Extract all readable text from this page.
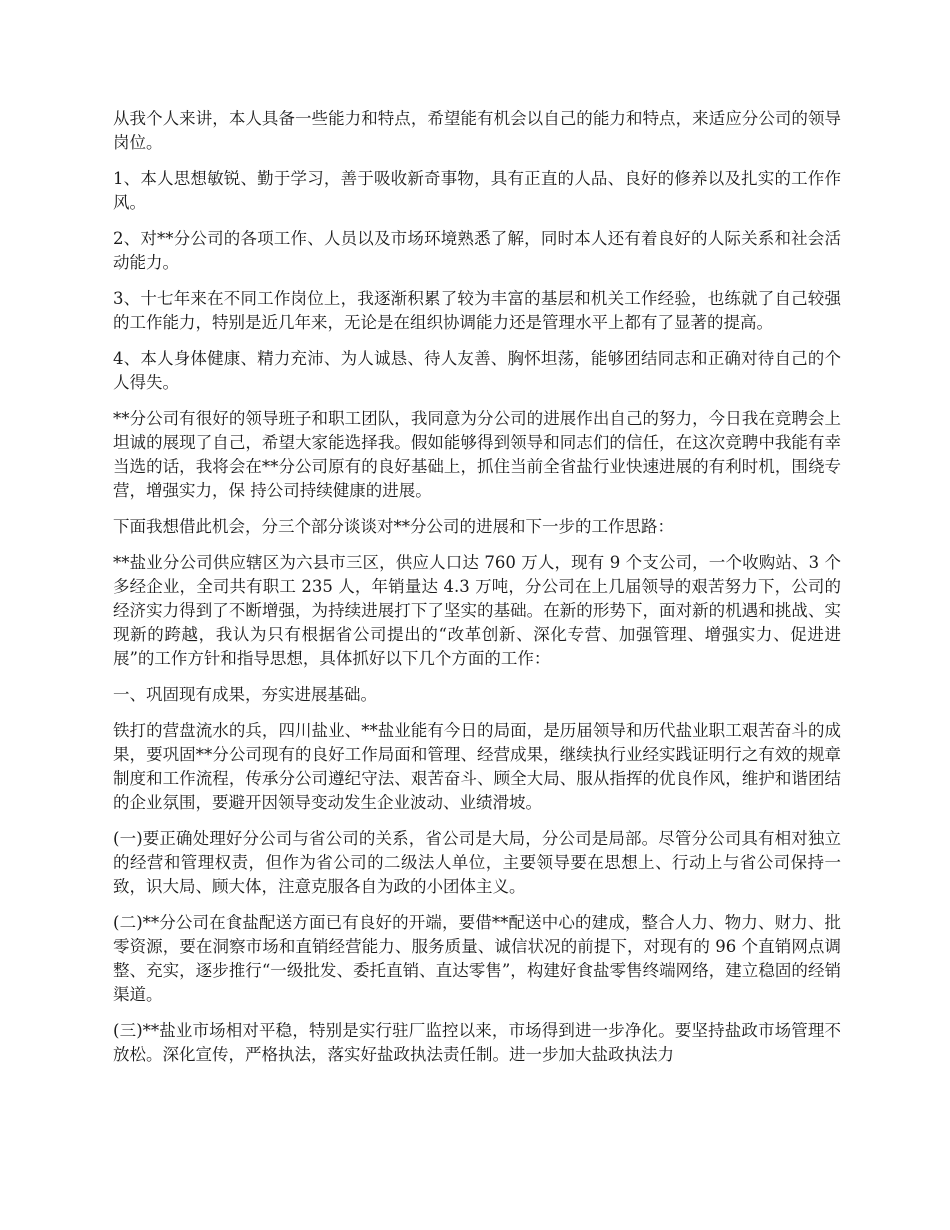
从我个人来讲，本人具备一些能力和特点，希望能有机会以自己的能力和特点，来适应分公司的领导岗位。

1、本人思想敏锐、勤于学习，善于吸收新奇事物，具有正直的人品、良好的修养以及扎实的工作作风。

2、对**分公司的各项工作、人员以及市场环境熟悉了解，同时本人还有着良好的人际关系和社会活动能力。

3、十七年来在不同工作岗位上，我逐渐积累了较为丰富的基层和机关工作经验，也练就了自己较强的工作能力，特别是近几年来，无论是在组织协调能力还是管理水平上都有了显著的提高。

4、本人身体健康、精力充沛、为人诚恳、待人友善、胸怀坦荡，能够团结同志和正确对待自己的个人得失。

**分公司有很好的领导班子和职工团队，我同意为分公司的进展作出自己的努力，今日我在竞聘会上坦诚的展现了自己，希望大家能选择我。假如能够得到领导和同志们的信任，在这次竞聘中我能有幸当选的话，我将会在**分公司原有的良好基础上，抓住当前全省盐行业快速进展的有利时机，围绕专营，增强实力，保 持公司持续健康的进展。

下面我想借此机会，分三个部分谈谈对**分公司的进展和下一步的工作思路：

**盐业分公司供应辖区为六县市三区，供应人口达 760 万人，现有 9 个支公司，一个收购站、3 个多经企业，全司共有职工 235 人，年销量达 4.3 万吨，分公司在上几届领导的艰苦努力下，公司的经济实力得到了不断增强，为持续进展打下了坚实的基础。在新的形势下，面对新的机遇和挑战、实现新的跨越，我认为只有根据省公司提出的“改革创新、深化专营、加强管理、增强实力、促进进展”的工作方针和指导思想，具体抓好以下几个方面的工作：

一、巩固现有成果，夯实进展基础。

铁打的营盘流水的兵，四川盐业、**盐业能有今日的局面，是历届领导和历代盐业职工艰苦奋斗的成果，要巩固**分公司现有的良好工作局面和管理、经营成果，继续执行业经实践证明行之有效的规章制度和工作流程，传承分公司遵纪守法、艰苦奋斗、顾全大局、服从指挥的优良作风，维护和谐团结的企业氛围，要避开因领导变动发生企业波动、业绩滑坡。

(一)要正确处理好分公司与省公司的关系，省公司是大局，分公司是局部。尽管分公司具有相对独立的经营和管理权责，但作为省公司的二级法人单位，主要领导要在思想上、行动上与省公司保持一致，识大局、顾大体，注意克服各自为政的小团体主义。

(二)**分公司在食盐配送方面已有良好的开端，要借**配送中心的建成，整合人力、物力、财力、批零资源，要在洞察市场和直销经营能力、服务质量、诚信状况的前提下，对现有的 96 个直销网点调整、充实，逐步推行“一级批发、委托直销、直达零售”，构建好食盐零售终端网络，建立稳固的经销渠道。

(三)**盐业市场相对平稳，特别是实行驻厂监控以来，市场得到进一步净化。要坚持盐政市场管理不放松。深化宣传，严格执法，落实好盐政执法责任制。进一步加大盐政执法力
